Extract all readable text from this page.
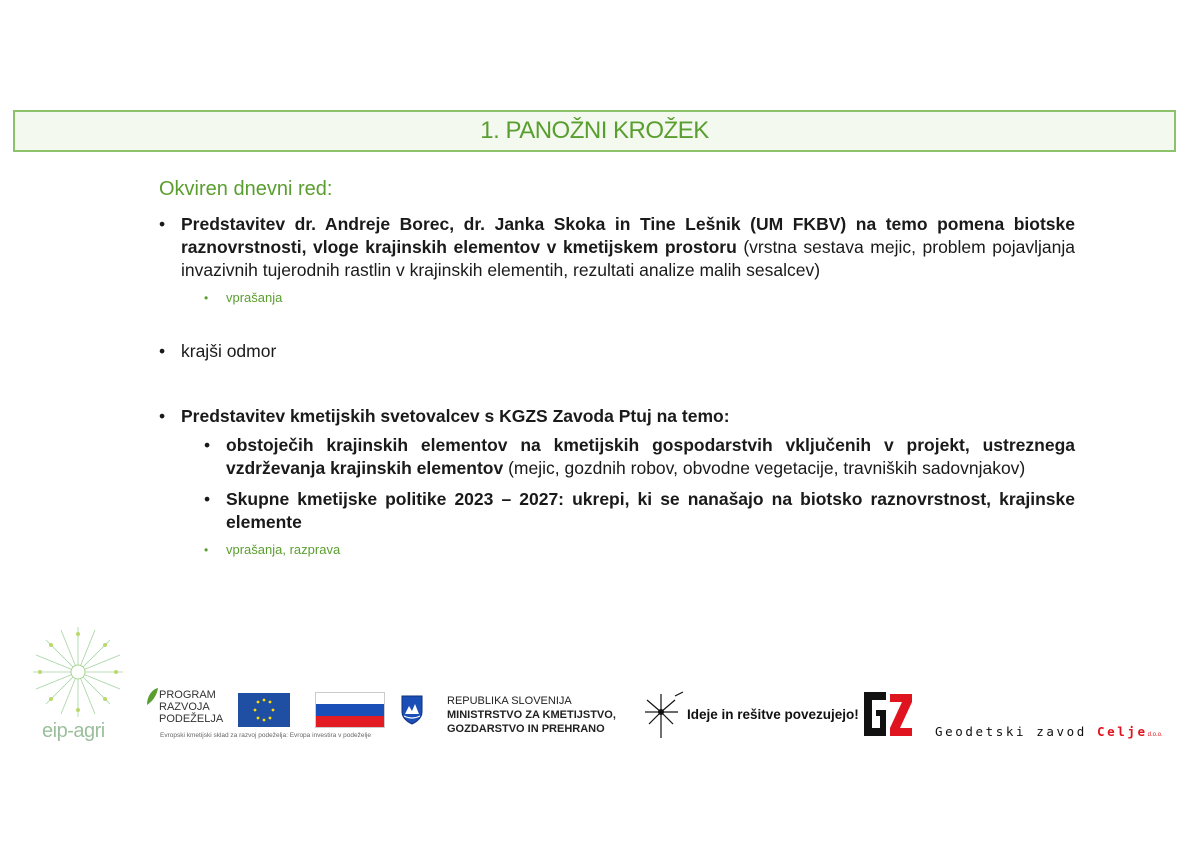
1. PANOŽNI KROŽEK

Okviren dnevni red:

• Predstavitev dr. Andreje Borec, dr. Janka Skoka in Tine Lešnik (UM FKBV) na temo pomena biotske raznovrstnosti, vloge krajinskih elementov v kmetijskem prostoru (vrstna sestava mejic, problem pojavljanja invazivnih tujerodnih rastlin v krajinskih elementih, rezultati analize malih sesalcev)
• vprašanja
• krajši odmor
• Predstavitev kmetijskih svetovalcev s KGZS Zavoda Ptuj na temo:
• obstoječih krajinskih elementov na kmetijskih gospodarstvih vključenih v projekt, ustreznega vzdrževanja krajinskih elementov (mejic, gozdnih robov, obvodne vegetacije, travniških sadovnjakov)
• Skupne kmetijske politike 2023 – 2027: ukrepi, ki se nanašajo na biotsko raznovrstnost, krajinske elemente
• vprašanja, razprava
eip-agri
PROGRAM
RAZVOJA
PODEŽELJA
Evropski kmetijski sklad za razvoj podeželja: Evropa investira v podeželje
REPUBLIKA SLOVENIJA
MINISTRSTVO ZA KMETIJSTVO,
GOZDARSTVO IN PREHRANO
Ideje in rešitve povezujejo!
Geodetski zavod Celjed.o.o.
